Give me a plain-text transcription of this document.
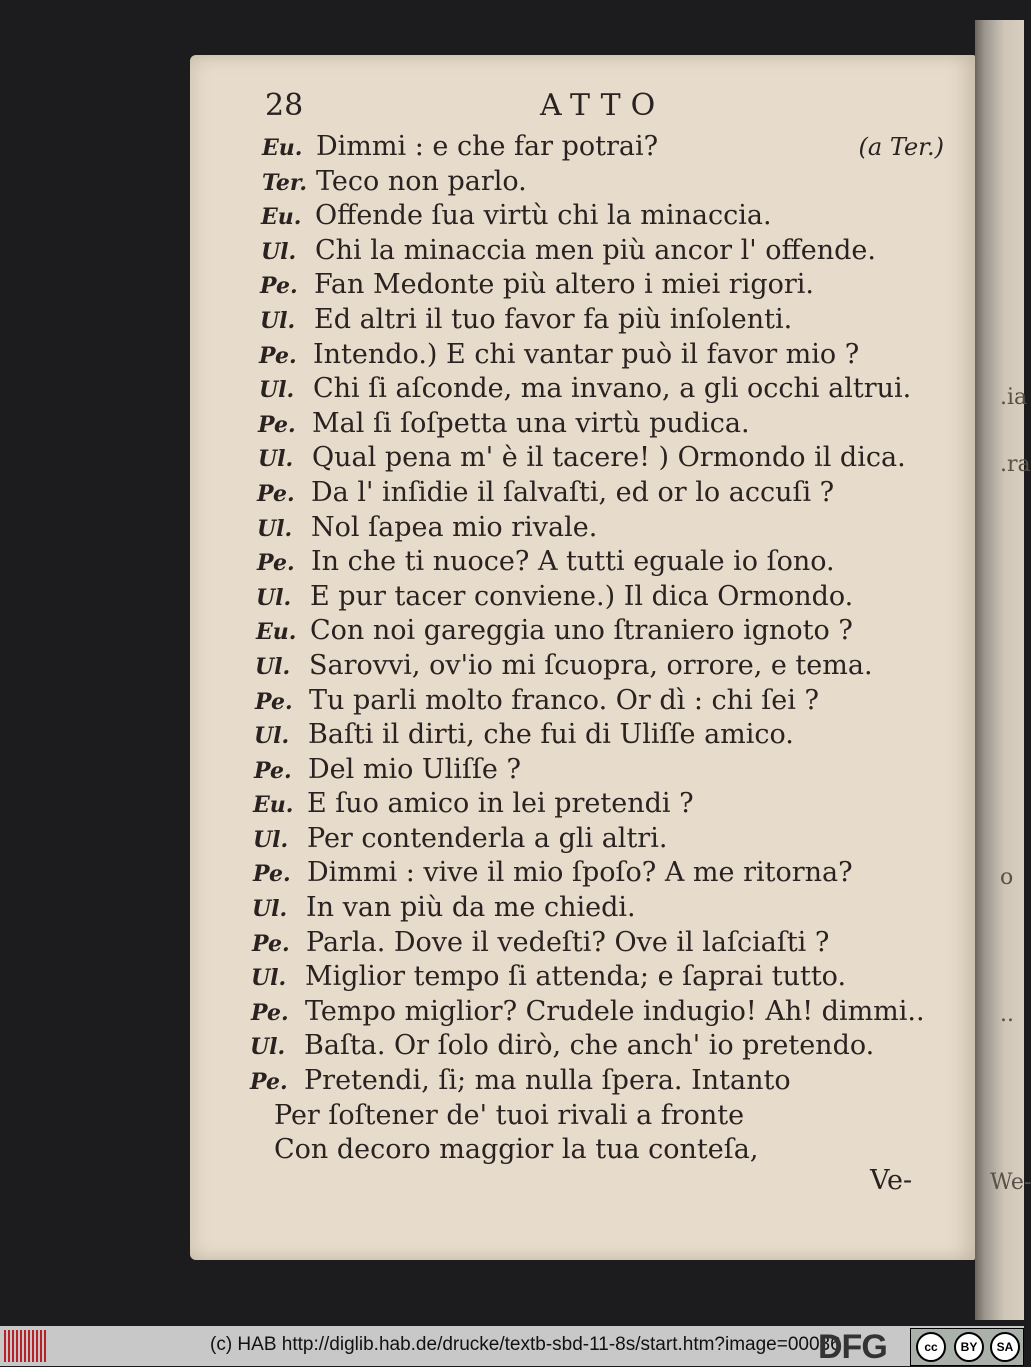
.ia
.ra
..
o
We-
28	ATTO
Eu. Dimmi : e che far potrai?	(a Ter.)
Ter. Teco non parlo.
Eu. Offende ſua virtù chi la minaccia.
Ul. Chi la minaccia men più ancor l' offende.
Pe. Fan Medonte più altero i miei rigori.
Ul. Ed altri il tuo favor fa più inſolenti.
Pe. Intendo.) E chi vantar può il favor mio ?
Ul. Chi ſi aſconde, ma invano, a gli occhi altrui.
Pe. Mal ſi ſoſpetta una virtù pudica.
Ul. Qual pena m' è il tacere! ) Ormondo il dica.
Pe. Da l' inſidie il ſalvaſti, ed or lo accuſi ?
Ul. Nol ſapea mio rivale.
Pe. In che ti nuoce? A tutti eguale io ſono.
Ul. E pur tacer conviene.) Il dica Ormondo.
Eu. Con noi gareggia uno ſtraniero ignoto ?
Ul. Sarovvi, ov'io mi ſcuopra, orrore, e tema.
Pe. Tu parli molto franco. Or dì : chi ſei ?
Ul. Baſti il dirti, che fui di Uliſſe amico.
Pe. Del mio Uliſſe ?
Eu. E ſuo amico in lei pretendi ?
Ul. Per contenderla a gli altri.
Pe. Dimmi : vive il mio ſpoſo? A me ritorna?
Ul. In van più da me chiedi.
Pe. Parla. Dove il vedeſti? Ove il laſciaſti ?
Ul. Miglior tempo ſi attenda; e ſaprai tutto.
Pe. Tempo miglior? Crudele indugio! Ah! dimmi..
Ul. Baſta. Or ſolo dirò, che anch' io pretendo.
Pe. Pretendi, ſi; ma nulla ſpera. Intanto
Per ſoſtener de' tuoi rivali a fronte
Con decoro maggior la tua conteſa,
Ve-
(c) HAB http://diglib.hab.de/drucke/textb-sbd-11-8s/start.htm?image=00036
DFG	cc	BY	SA
